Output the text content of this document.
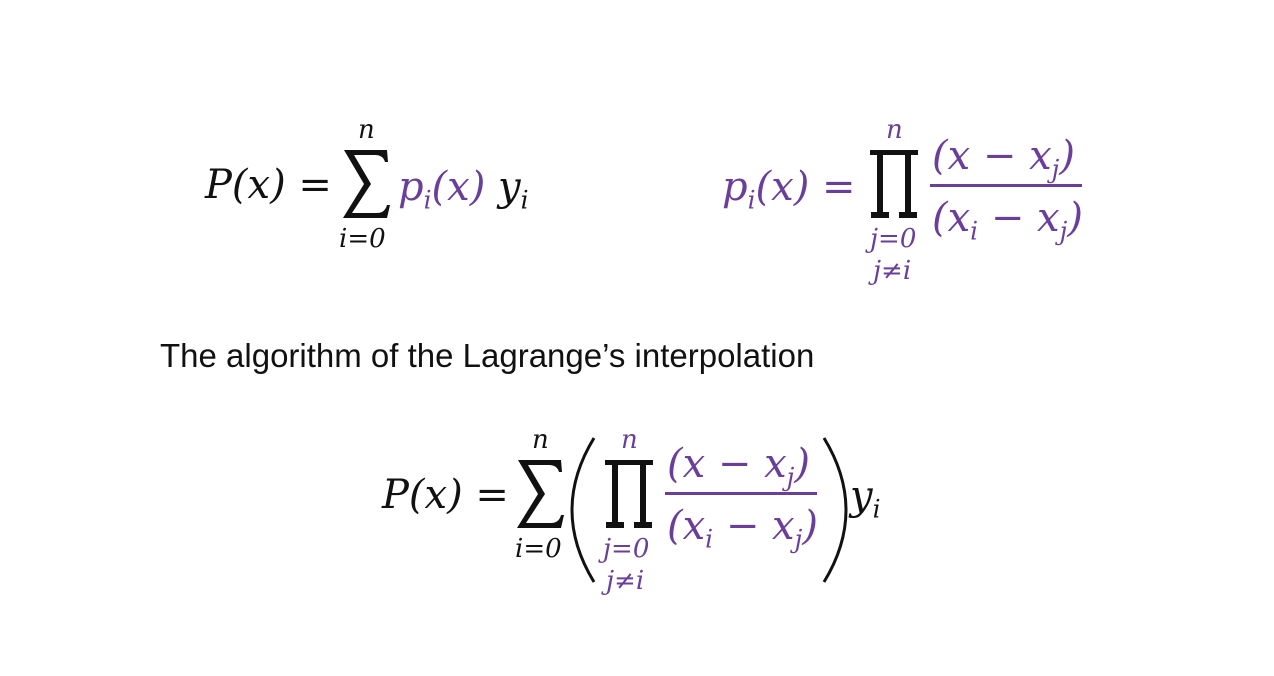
P(x) =
n
i=0
$p_i(x)$ $y_i$	$p_i(x)$ =
n
j=0
j≠i
$(x - x_j)$
$(x_i - x_j)$
The algorithm of the Lagrange’s interpolation
P(x) =
n
i=0
n
j=0
j≠i
$(x - x_j)$
$(x_i - x_j)$
$y_i$
